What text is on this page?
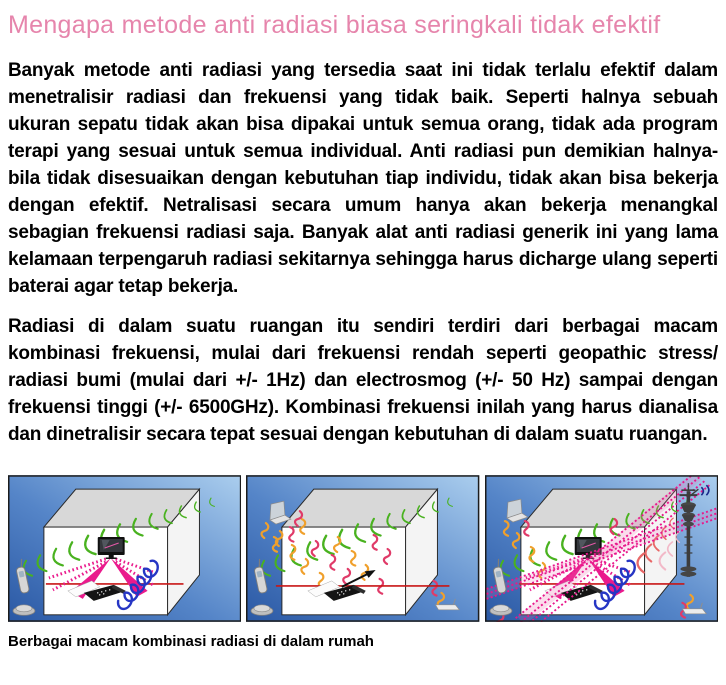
Mengapa metode anti radiasi biasa seringkali tidak efektif

Banyak metode anti radiasi yang tersedia saat ini tidak terlalu efektif dalam menetralisir radiasi dan frekuensi yang tidak baik. Seperti halnya sebuah ukuran sepatu tidak akan bisa dipakai untuk semua orang, tidak ada program terapi yang sesuai untuk semua individual. Anti radiasi pun demikian halnya- bila tidak disesuaikan dengan kebutuhan tiap individu, tidak akan bisa bekerja dengan efektif. Netralisasi secara umum hanya akan bekerja menangkal sebagian frekuensi radiasi saja. Banyak alat anti radiasi generik ini yang lama kelamaan terpengaruh radiasi sekitarnya sehingga harus dicharge ulang seperti baterai agar tetap bekerja.

Radiasi di dalam suatu ruangan itu sendiri terdiri dari berbagai macam kombinasi frekuensi, mulai dari frekuensi rendah seperti geopathic stress/ radiasi bumi (mulai dari +/- 1Hz) dan electrosmog (+/- 50 Hz) sampai dengan frekuensi tinggi (+/- 6500GHz). Kombinasi frekuensi inilah yang harus dianalisa dan dinetralisir secara tepat sesuai dengan kebutuhan di dalam suatu ruangan.

Berbagai macam kombinasi radiasi di dalam rumah
